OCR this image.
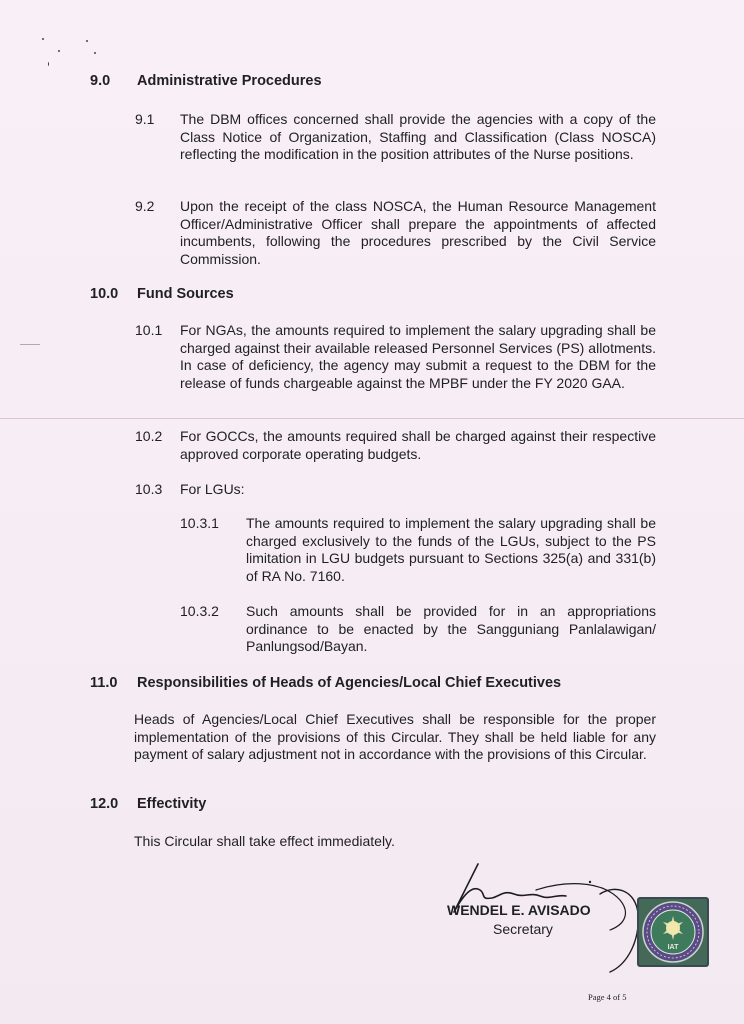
9.0 Administrative Procedures
9.1 The DBM offices concerned shall provide the agencies with a copy of the Class Notice of Organization, Staffing and Classification (Class NOSCA) reflecting the modification in the position attributes of the Nurse positions.
9.2 Upon the receipt of the class NOSCA, the Human Resource Management Officer/Administrative Officer shall prepare the appointments of affected incumbents, following the procedures prescribed by the Civil Service Commission.
10.0 Fund Sources
10.1 For NGAs, the amounts required to implement the salary upgrading shall be charged against their available released Personnel Services (PS) allotments. In case of deficiency, the agency may submit a request to the DBM for the release of funds chargeable against the MPBF under the FY 2020 GAA.
10.2 For GOCCs, the amounts required shall be charged against their respective approved corporate operating budgets.
10.3 For LGUs:
10.3.1 The amounts required to implement the salary upgrading shall be charged exclusively to the funds of the LGUs, subject to the PS limitation in LGU budgets pursuant to Sections 325(a) and 331(b) of RA No. 7160.
10.3.2 Such amounts shall be provided for in an appropriations ordinance to be enacted by the Sangguniang Panlalawigan/ Panlungsod/Bayan.
11.0 Responsibilities of Heads of Agencies/Local Chief Executives
Heads of Agencies/Local Chief Executives shall be responsible for the proper implementation of the provisions of this Circular. They shall be held liable for any payment of salary adjustment not in accordance with the provisions of this Circular.
12.0 Effectivity
This Circular shall take effect immediately.
WENDEL E. AVISADO
Secretary
IAT
Page 4 of 5
